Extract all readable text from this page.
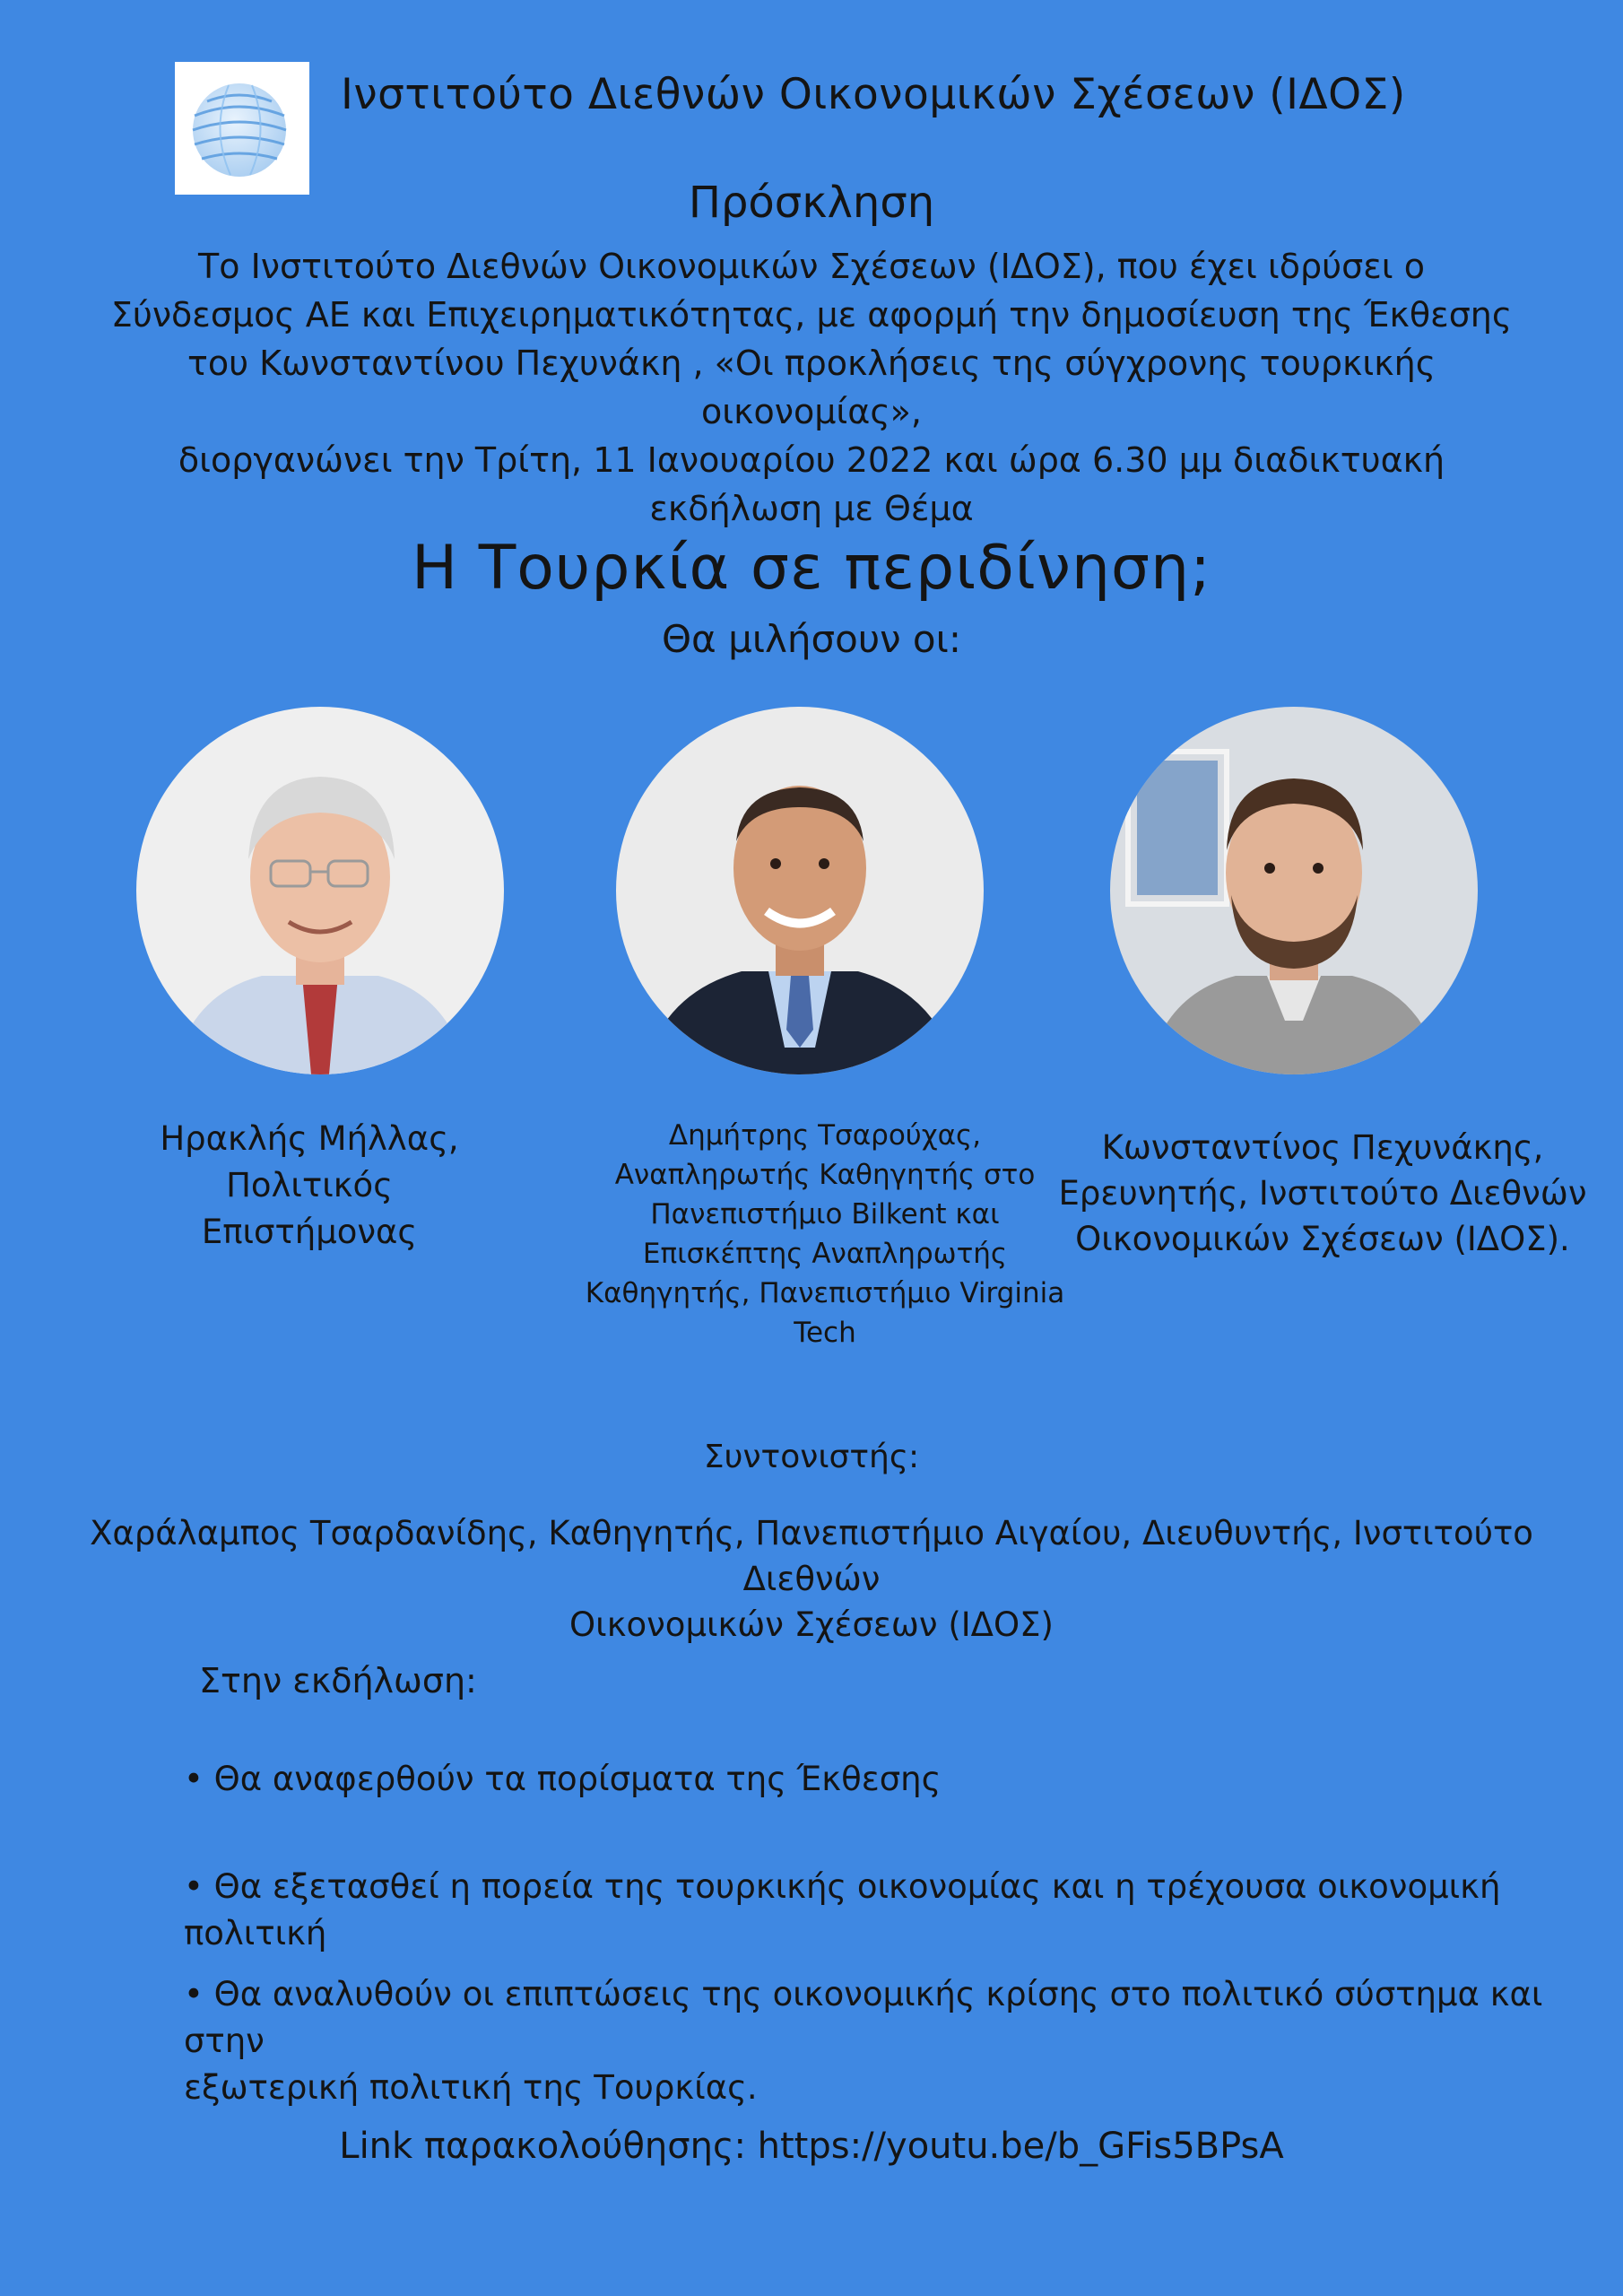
Ινστιτούτο Διεθνών Οικονομικών Σχέσεων (ΙΔΟΣ)
Πρόσκληση
Το Ινστιτούτο Διεθνών Οικονομικών Σχέσεων (ΙΔΟΣ), που έχει ιδρύσει ο
Σύνδεσμος ΑΕ και Επιχειρηματικότητας, με αφορμή την δημοσίευση της Έκθεσης
του Κωνσταντίνου Πεχυνάκη , «Οι προκλήσεις της σύγχρονης τουρκικής οικονομίας»,
διοργανώνει την Τρίτη, 11 Ιανουαρίου 2022 και ώρα 6.30 μμ διαδικτυακή
εκδήλωση με Θέμα
Η Τουρκία σε περιδίνηση;
Θα μιλήσουν οι:
Ηρακλής Μήλλας, Πολιτικός
Επιστήμονας
Δημήτρης Τσαρούχας,
Αναπληρωτής Καθηγητής στο
Πανεπιστήμιο Bilkent και
Επισκέπτης Αναπληρωτής
Καθηγητής, Πανεπιστήμιο Virginia
Tech
Κωνσταντίνος Πεχυνάκης,
Ερευνητής, Ινστιτούτο Διεθνών
Οικονομικών Σχέσεων (ΙΔΟΣ).
Συντονιστής:
Χαράλαμπος Τσαρδανίδης, Καθηγητής, Πανεπιστήμιο Αιγαίου, Διευθυντής, Ινστιτούτο Διεθνών
Οικονομικών Σχέσεων (ΙΔΟΣ)
Στην εκδήλωση:
• Θα αναφερθούν τα πορίσματα της Έκθεσης
• Θα εξετασθεί η πορεία της τουρκικής οικονομίας και η τρέχουσα οικονομική πολιτική
• Θα αναλυθούν οι επιπτώσεις της οικονομικής κρίσης στο πολιτικό σύστημα και στην
εξωτερική πολιτική της Τουρκίας.
Link παρακολούθησης: https://youtu.be/b_GFis5BPsA
